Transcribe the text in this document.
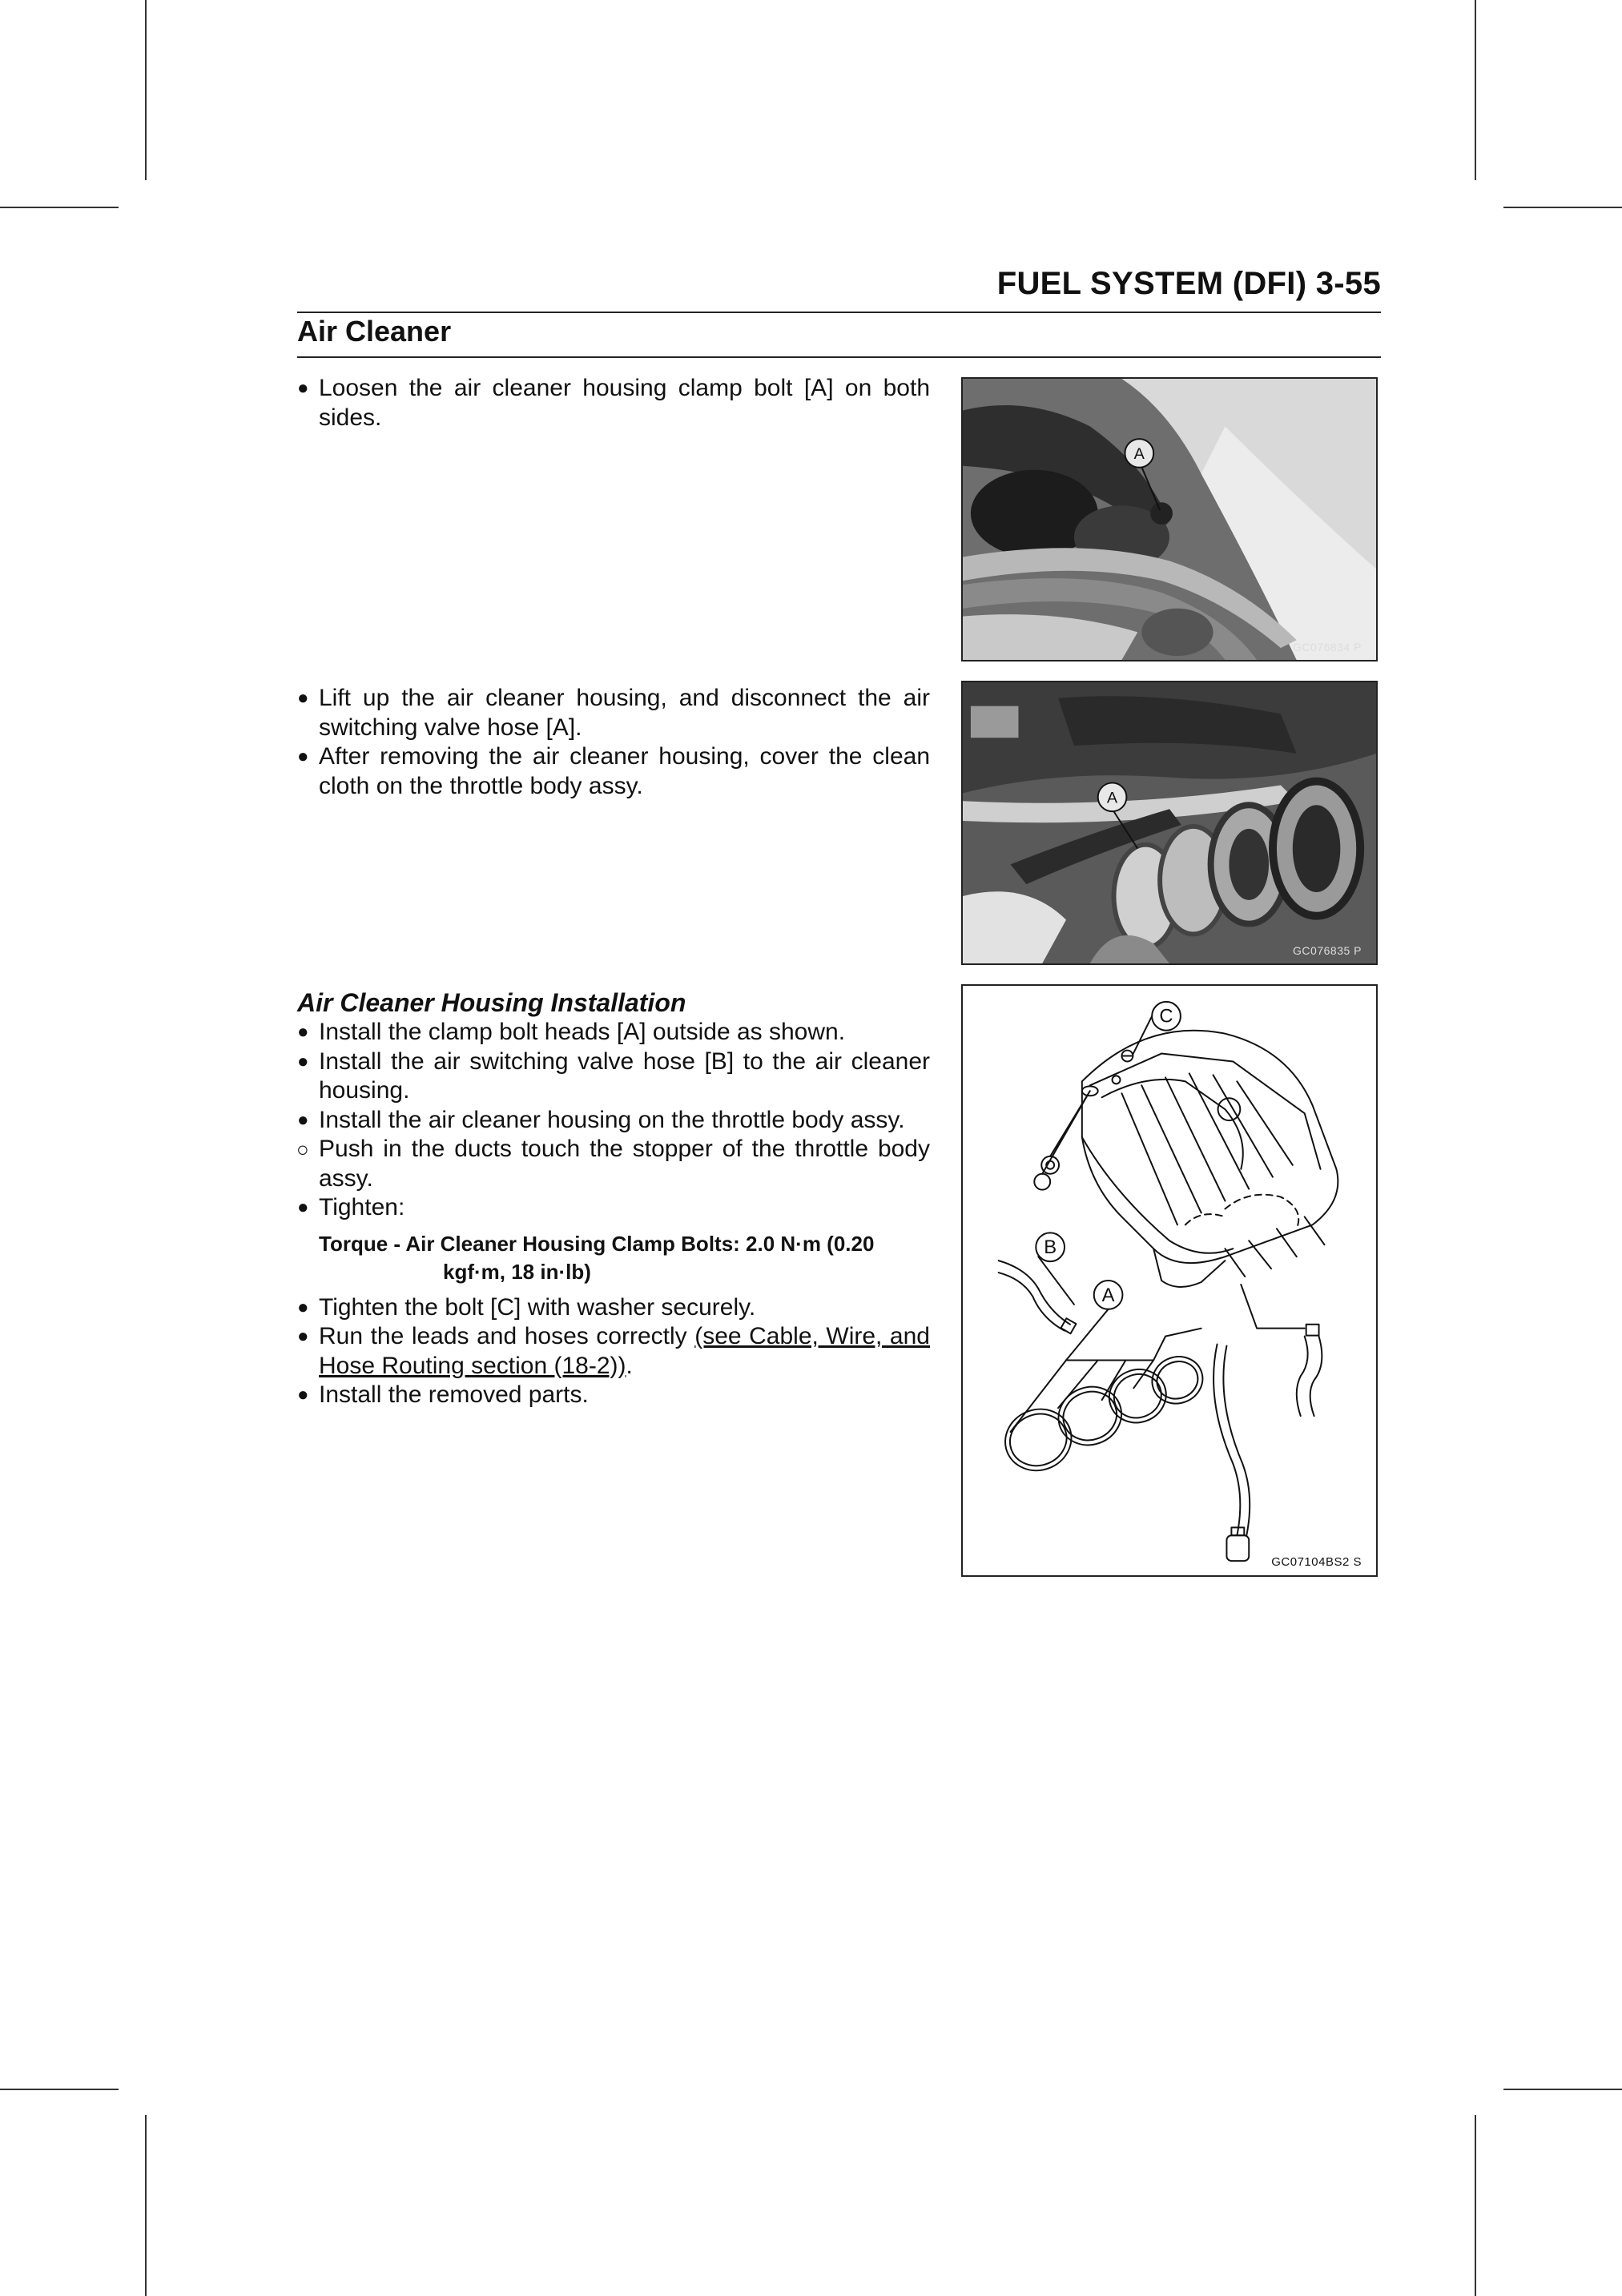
FUEL SYSTEM (DFI) 3-55
Air Cleaner

● Loosen the air cleaner housing clamp bolt [A] on both sides.

A
GC076834 P

● Lift up the air cleaner housing, and disconnect the air switching valve hose [A].

● After removing the air cleaner housing, cover the clean cloth on the throttle body assy.	A
GC076835 P

Air Cleaner Housing Installation

● Install the clamp bolt heads [A] outside as shown.

● Install the air switching valve hose [B] to the air cleaner housing.

● Install the air cleaner housing on the throttle body assy.

○ Push in the ducts touch the stopper of the throttle body assy.

● Tighten:

Torque - Air Cleaner Housing Clamp Bolts: 2.0 N·m (0.20
kgf·m, 18 in·lb)

● Tighten the bolt [C] with washer securely.

● Run the leads and hoses correctly (see Cable, Wire, and Hose Routing section (18-2)).

● Install the removed parts.

C
B
A
GC07104BS2 S
